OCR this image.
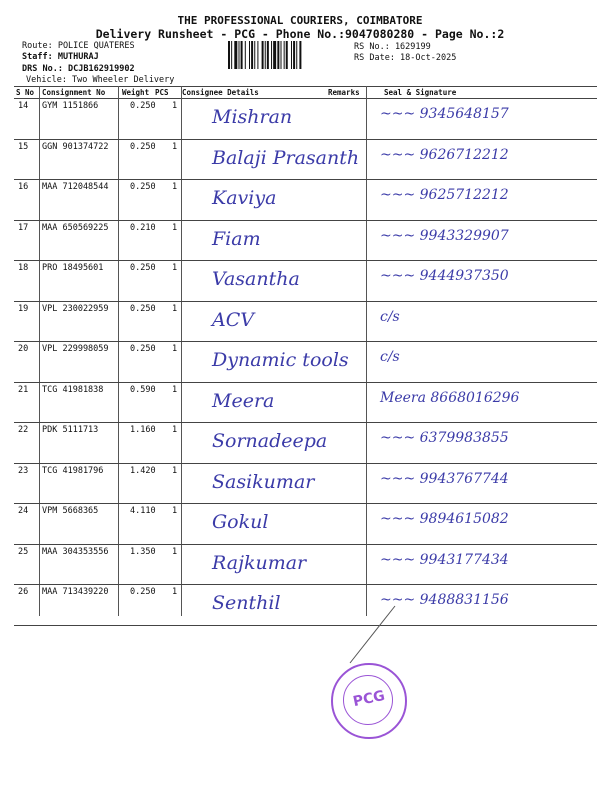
THE PROFESSIONAL COURIERS, COIMBATORE
Delivery Runsheet - PCG - Phone No.:9047080280 - Page No.:2
Route: POLICE QUATERES
Staff: MUTHURAJ
DRS No.: DCJB162919902
Vehicle: Two Wheeler Delivery
RS No.: 1629199
RS Date: 18-Oct-2025
S No Consignment No Weight PCS Consignee Details	Remarks	Seal & Signature
14 GYM 1151866	0.250 1 Mishran	~~~ 9345648157
15 GGN 901374722	0.250 1 Balaji Prasanth ~~~ 9626712212
16 MAA 712048544	0.250 1 Kaviya	~~~ 9625712212
17 MAA 650569225	0.210 1 Fiam	~~~ 9943329907
18 PRO 18495601	0.250 1 Vasantha	~~~ 9444937350
19 VPL 230022959	0.250 1 ACV	c/s
20 VPL 229998059	0.250 1 Dynamic tools c/s
21 TCG 41981838	0.590 1 Meera	Meera 8668016296
22 PDK 5111713	1.160 1 Sornadeepa	~~~ 6379983855
23 TCG 41981796	1.420 1 Sasikumar	~~~ 9943767744
24 VPM 5668365	4.110 1 Gokul	~~~ 9894615082
25 MAA 304353556	1.350 1 Rajkumar	~~~ 9943177434
26 MAA 713439220	0.250 1 Senthil	~~~ 9488831156
PCG
